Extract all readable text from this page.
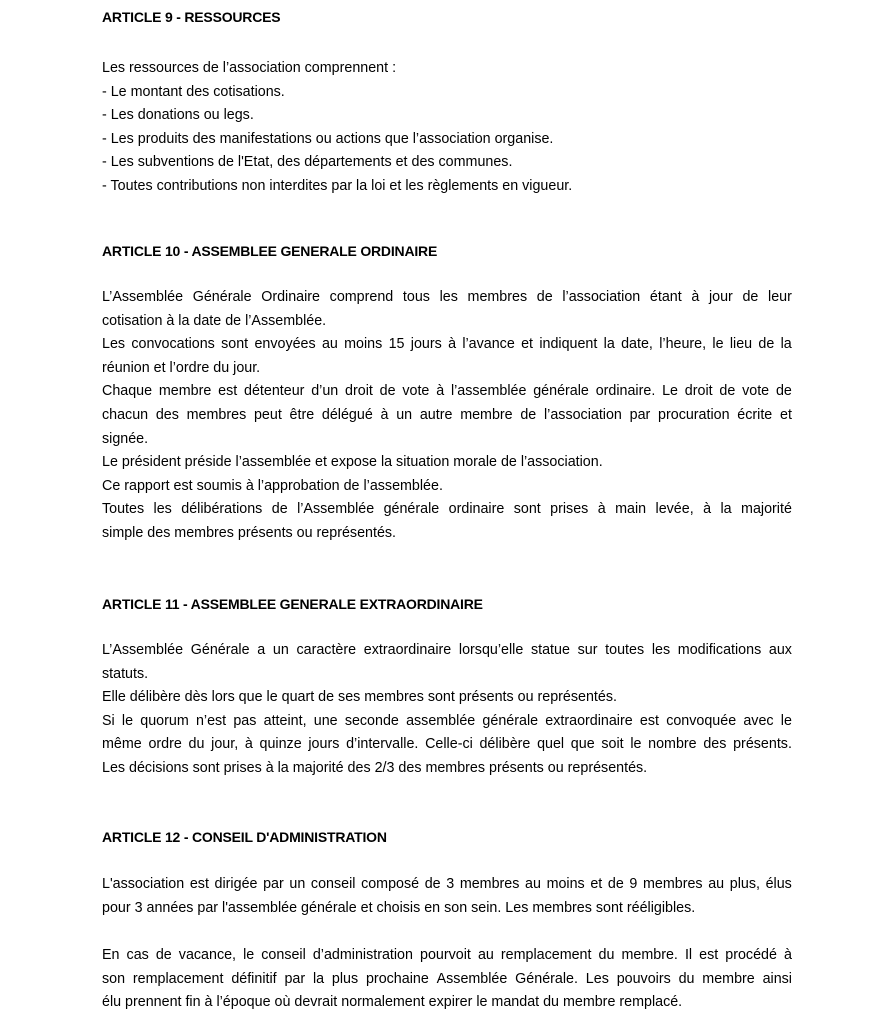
ARTICLE 9 - RESSOURCES
Les ressources de l’association comprennent :
- Le montant des cotisations.
- Les donations ou legs.
- Les produits des manifestations ou actions que l’association organise.
- Les subventions de l'Etat, des départements et des communes.
- Toutes contributions non interdites par la loi et les règlements en vigueur.
ARTICLE 10 - ASSEMBLEE GENERALE ORDINAIRE
L’Assemblée Générale Ordinaire comprend tous les membres de l’association étant à jour de leur
cotisation à la date de l’Assemblée.
Les convocations sont envoyées au moins 15 jours à l’avance et indiquent la date, l’heure, le lieu de la
réunion et l’ordre du jour.
Chaque membre est détenteur d’un droit de vote à l’assemblée générale ordinaire. Le droit de vote de
chacun des membres peut être délégué à un autre membre de l’association par procuration écrite et
signée.
Le président préside l’assemblée et expose la situation morale de l’association.
Ce rapport est soumis à l’approbation de l’assemblée.
Toutes les délibérations de l’Assemblée générale ordinaire sont prises à main levée, à la majorité
simple des membres présents ou représentés.
ARTICLE 11 - ASSEMBLEE GENERALE EXTRAORDINAIRE
L’Assemblée Générale a un caractère extraordinaire lorsqu’elle statue sur toutes les modifications aux
statuts.
Elle délibère dès lors que le quart de ses membres sont présents ou représentés.
Si le quorum n’est pas atteint, une seconde assemblée générale extraordinaire est convoquée avec le
même ordre du jour, à quinze jours d’intervalle. Celle-ci délibère quel que soit le nombre des présents.
Les décisions sont prises à la majorité des 2/3 des membres présents ou représentés.
ARTICLE 12 - CONSEIL D'ADMINISTRATION
L'association est dirigée par un conseil composé de 3 membres au moins et de 9 membres au plus, élus
pour 3 années par l'assemblée générale et choisis en son sein. Les membres sont rééligibles.
En cas de vacance, le conseil d’administration pourvoit au remplacement du membre. Il est procédé à
son remplacement définitif par la plus prochaine Assemblée Générale. Les pouvoirs du membre ainsi
élu prennent fin à l’époque où devrait normalement expirer le mandat du membre remplacé.
